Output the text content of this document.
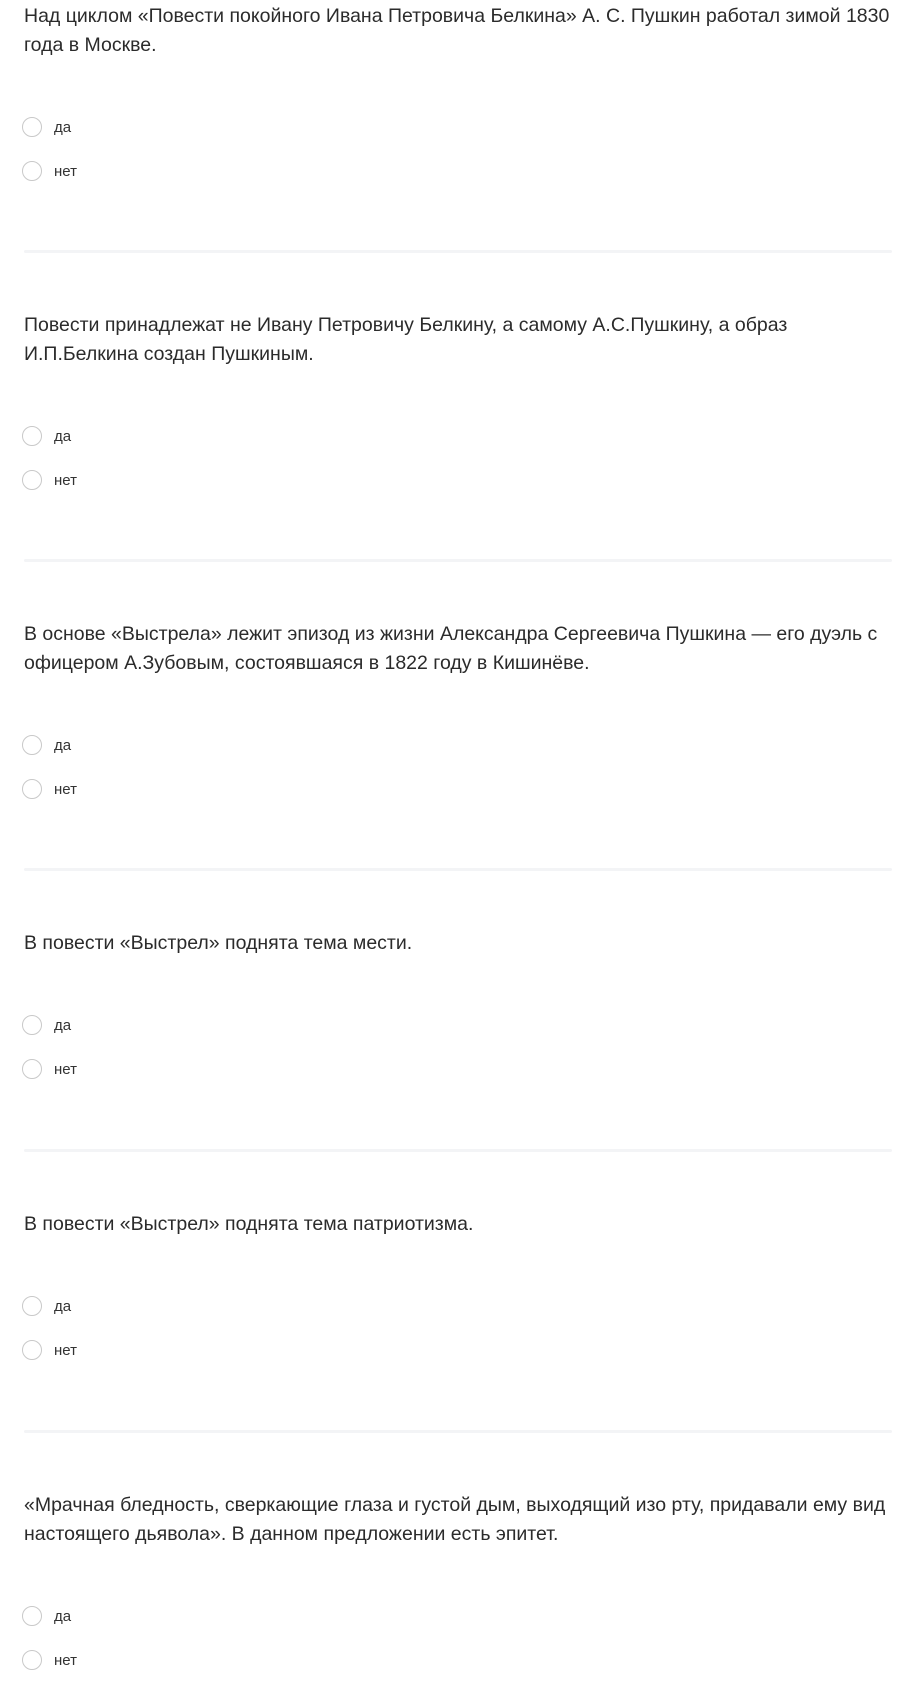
Над циклом «Повести покойного Ивана Петровича Белкина» А. С. Пушкин работал зимой 1830 года в Москве.

да
нет

Повести принадлежат не Ивану Петровичу Белкину, а самому А.С.Пушкину, а образ И.П.Белкина создан Пушкиным.

да
нет

В основе «Выстрела» лежит эпизод из жизни Александра Сергеевича Пушкина — его дуэль с офицером А.Зубовым, состоявшаяся в 1822 году в Кишинёве.

да
нет

В повести «Выстрел» поднята тема мести.

да
нет

В повести «Выстрел» поднята тема патриотизма.

да
нет

«Мрачная бледность, сверкающие глаза и густой дым, выходящий изо рту, придавали ему вид настоящего дьявола». В данном предложении есть эпитет.

да
нет
